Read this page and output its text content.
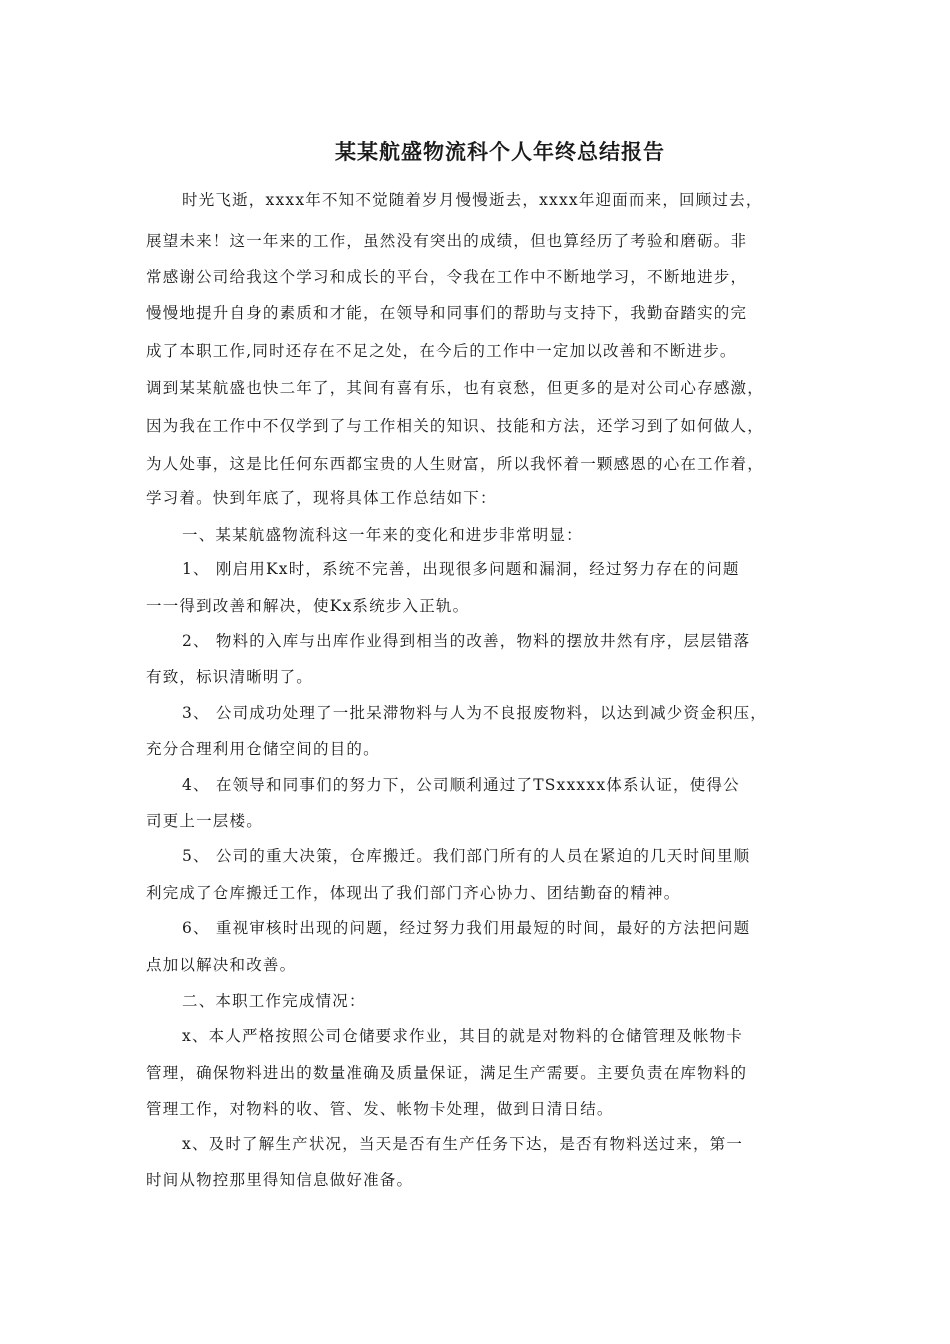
某某航盛物流科个人年终总结报告

时光飞逝，xxxx年不知不觉随着岁月慢慢逝去，xxxx年迎面而来，回顾过去，

展望未来！这一年来的工作，虽然没有突出的成绩，但也算经历了考验和磨砺。非

常感谢公司给我这个学习和成长的平台，令我在工作中不断地学习，不断地进步，

慢慢地提升自身的素质和才能，在领导和同事们的帮助与支持下，我勤奋踏实的完

成了本职工作,同时还存在不足之处，在今后的工作中一定加以改善和不断进步。

调到某某航盛也快二年了，其间有喜有乐，也有哀愁，但更多的是对公司心存感激，

因为我在工作中不仅学到了与工作相关的知识、技能和方法，还学习到了如何做人，

为人处事，这是比任何东西都宝贵的人生财富，所以我怀着一颗感恩的心在工作着，

学习着。快到年底了，现将具体工作总结如下：

一、某某航盛物流科这一年来的变化和进步非常明显：

1、 刚启用Kx时，系统不完善，出现很多问题和漏洞，经过努力存在的问题

一一得到改善和解决，使Kx系统步入正轨。

2、 物料的入库与出库作业得到相当的改善，物料的摆放井然有序，层层错落

有致，标识清晰明了。

3、 公司成功处理了一批呆滞物料与人为不良报废物料，以达到减少资金积压，

充分合理利用仓储空间的目的。

4、 在领导和同事们的努力下，公司顺利通过了TSxxxxx体系认证，使得公

司更上一层楼。

5、 公司的重大决策，仓库搬迁。我们部门所有的人员在紧迫的几天时间里顺

利完成了仓库搬迁工作，体现出了我们部门齐心协力、团结勤奋的精神。

6、 重视审核时出现的问题，经过努力我们用最短的时间，最好的方法把问题

点加以解决和改善。

二、本职工作完成情况：

x、本人严格按照公司仓储要求作业，其目的就是对物料的仓储管理及帐物卡

管理，确保物料进出的数量准确及质量保证，满足生产需要。主要负责在库物料的

管理工作，对物料的收、管、发、帐物卡处理，做到日清日结。

x、及时了解生产状况，当天是否有生产任务下达，是否有物料送过来，第一

时间从物控那里得知信息做好准备。
